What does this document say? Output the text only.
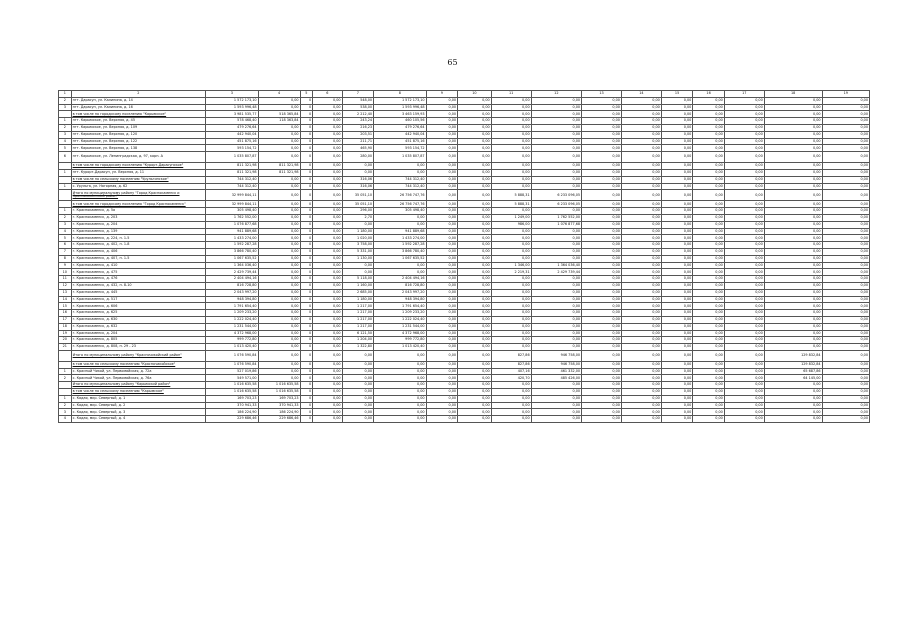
65
1	2	3	4	5	6	7	8	9	10	11	12	13	14	15	16	17	18	19
2	пгт. Дарасун, ул. Калинина, д. 14	1 572 173,10	0,00	0	0,00	548,00	1 572 173,10	0,00	0,00	0,00	0,00	0,00	0,00	0,00	0,00	0,00	0,00	0,00
3	пгт. Дарасун, ул. Калинина, д. 16	1 593 996,48	0,00	0	0,00	538,00	1 593 996,48	0,00	0,00	0,00	0,00	0,00	0,00	0,00	0,00	0,00	0,00	0,00
	в том числе по городскому поселению "Карымское"	3 981 535,77	518 365,84	0	0,00	2 212,40	3 463 159,93	0,00	0,00	0,00	0,00	0,00	0,00	0,00	0,00	0,00	0,00	0,00
1	пгт. Карымское, ул. Верхняя, д. 45	578 468,40	118 363,84	0	0,00	243,24	460 105,56	0,00	0,00	0,00	0,00	0,00	0,00	0,00	0,00	0,00	0,00	0,00
2	пгт. Карымское, ул. Верхняя, д. 109	479 276,64	0,00	0	0,00	216,23	479 276,64	0,00	0,00	0,00	0,00	0,00	0,00	0,00	0,00	0,00	0,00	0,00
3	пгт. Карымское, ул. Верхняя, д. 120	442 940,04	0,00	0	0,00	203,51	442 940,04	0,00	0,00	0,00	0,00	0,00	0,00	0,00	0,00	0,00	0,00	0,00
4	пгт. Карымское, ул. Верхняя, д. 122	451 875,16	0,00	0	0,00	211,71	451 875,16	0,00	0,00	0,00	0,00	0,00	0,00	0,00	0,00	0,00	0,00	0,00
5	пгт. Карымское, ул. Верхняя, д. 138	593 154,72	0,00	0	0,00	465,90	593 154,72	0,00	0,00	0,00	0,00	0,00	0,00	0,00	0,00	0,00	0,00	0,00
6	пгт. Карымское, ул. Ленинградская, д. 97, корп. А	1 035 807,87	0,00	0	0,00	280,00	1 035 807,87	0,00	0,00	0,00	0,00	0,00	0,00	0,00	0,00	0,00	0,00	0,00
	в том числе по городскому поселению "Курорт-Дарасунское"	811 321,98	811 321,98	0	0,00	0,00	0,00	0,00	0,00	0,00	0,00	0,00	0,00	0,00	0,00	0,00	0,00	0,00
1	пгт. Курорт-Дарасун, ул. Верхняя, д. 11	811 321,98	811 321,98	0	0,00	0,00	0,00	0,00	0,00	0,00	0,00	0,00	0,00	0,00	0,00	0,00	0,00	0,00
	в том числе по сельскому поселению "Урульгинское"	744 312,40	0,00	0	0,00	316,06	744 312,40	0,00	0,00	0,00	0,00	0,00	0,00	0,00	0,00	0,00	0,00	0,00
1	с. Урульга, ул. Нагорная, д. 62	744 312,40	0,00	0	0,00	316,06	744 312,40	0,00	0,00	0,00	0,00	0,00	0,00	0,00	0,00	0,00	0,00	0,00
	Итого по муниципальному району "Город Краснокаменск и Краснокаменский район"	32 999 844,11	0,00	0	0,00	35 051,10	26 756 747,76	0,00	0,00	5 888,31	6 233 096,05	0,00	0,00	0,00	0,00	0,00	0,00	0,00
	в том числе по городскому поселению "Город Краснокаменск"	32 999 844,11	0,00	0	0,00	35 051,10	26 756 747,76	0,00	0,00	5 888,31	6 233 096,05	0,00	0,00	0,00	0,00	0,00	0,00	0,00
1	г. Краснокаменск, д. 5а	305 498,40	0,00	0	0,00	296,00	305 498,40	0,00	0,00	0,00	0,00	0,00	0,00	0,00	0,00	0,00	0,00	0,00
2	г. Краснокаменск, д. 203	1 762 552,00	0,00	0	0,00	2,70	0,00	0,00	0,00	1 249,00	1 762 552,00	0,00	0,00	0,00	0,00	0,00	0,00	0,00
3	г. Краснокаменск, д. 204	1 076 877,68	0,00	0	0,00	0,00	0,00	0,00	0,00	986,00	1 076 877,68	0,00	0,00	0,00	0,00	0,00	0,00	0,00
4	г. Краснокаменск, д. 139	941 889,68	0,00	0	0,00	1 180,00	941 889,68	0,00	0,00	0,00	0,00	0,00	0,00	0,00	0,00	0,00	0,00	0,00
5	г. Краснокаменск, д. 224, п. 1-5	1 433 274,00	0,00	0	0,00	1 020,00	1 433 274,00	0,00	0,00	0,00	0,00	0,00	0,00	0,00	0,00	0,00	0,00	0,00
6	г. Краснокаменск, д. 402, п. 1-8	1 592 287,28	0,00	0	0,00	3 758,00	1 592 287,28	0,00	0,00	0,00	0,00	0,00	0,00	0,00	0,00	0,00	0,00	0,00
7	г. Краснокаменск, д. 406	3 866 780,40	0,00	0	0,00	5 331,00	3 866 780,40	0,00	0,00	0,00	0,00	0,00	0,00	0,00	0,00	0,00	0,00	0,00
8	г. Краснокаменск, д. 407, п. 1-5	1 067 635,52	0,00	0	0,00	1 130,00	1 067 635,52	0,00	0,00	0,00	0,00	0,00	0,00	0,00	0,00	0,00	0,00	0,00
9	г. Краснокаменск, д. 410	1 364 036,40	0,00	0	0,00	0,00	0,00	0,00	0,00	1 346,00	1 364 036,40	0,00	0,00	0,00	0,00	0,00	0,00	0,00
10	г. Краснокаменск, д. 475	2 429 739,44	0,00	0	0,00	0,00	0,00	0,00	0,00	2 219,31	2 429 739,44	0,00	0,00	0,00	0,00	0,00	0,00	0,00
11	г. Краснокаменск, д. 476	2 404 494,16	0,00	0	0,00	5 118,00	2 404 494,16	0,00	0,00	0,00	0,00	0,00	0,00	0,00	0,00	0,00	0,00	0,00
12	г. Краснокаменск, д. 432, п. 8-10	816 728,80	0,00	0	0,00	1 160,00	816 728,80	0,00	0,00	0,00	0,00	0,00	0,00	0,00	0,00	0,00	0,00	0,00
13	г. Краснокаменск, д. 445	2 043 997,20	0,00	0	0,00	2 685,00	2 043 997,20	0,00	0,00	0,00	0,00	0,00	0,00	0,00	0,00	0,00	0,00	0,00
14	г. Краснокаменск, д. 517	948 394,80	0,00	0	0,00	1 180,00	948 394,80	0,00	0,00	0,00	0,00	0,00	0,00	0,00	0,00	0,00	0,00	0,00
15	г. Краснокаменск, д. 606	1 791 654,40	0,00	0	0,00	1 217,00	1 791 654,40	0,00	0,00	0,00	0,00	0,00	0,00	0,00	0,00	0,00	0,00	0,00
16	г. Краснокаменск, д. 625	1 209 233,20	0,00	0	0,00	1 217,00	1 209 233,20	0,00	0,00	0,00	0,00	0,00	0,00	0,00	0,00	0,00	0,00	0,00
17	г. Краснокаменск, д. 630	1 222 024,40	0,00	0	0,00	1 217,00	1 222 024,40	0,00	0,00	0,00	0,00	0,00	0,00	0,00	0,00	0,00	0,00	0,00
18	г. Краснокаменск, д. 632	1 231 544,00	0,00	0	0,00	1 217,00	1 231 544,00	0,00	0,00	0,00	0,00	0,00	0,00	0,00	0,00	0,00	0,00	0,00
19	г. Краснокаменск, д. 204	4 372 968,00	0,00	0	0,00	6 121,50	4 372 968,00	0,00	0,00	0,00	0,00	0,00	0,00	0,00	0,00	0,00	0,00	0,00
20	г. Краснокаменск, д. 805	999 772,80	0,00	0	0,00	1 204,00	999 772,80	0,00	0,00	0,00	0,00	0,00	0,00	0,00	0,00	0,00	0,00	0,00
21	г. Краснокаменск, д. 808, п. 29 - 23	1 013 420,40	0,00	0	0,00	1 322,80	1 013 420,40	0,00	0,00	0,00	0,00	0,00	0,00	0,00	0,00	0,00	0,00	0,00
	Итого по муниципальному району "Красночикойский район"	1 076 590,84	0,00	0	0,00	0,00	0,00	0,00	0,00	827,86	946 758,00	0,00	0,00	0,00	0,00	0,00	129 832,84	0,00
	в том числе по сельскому поселению "Красночикойское"	1 076 590,84	0,00	0	0,00	0,00	0,00	0,00	0,00	827,86	946 758,00	0,00	0,00	0,00	0,00	0,00	129 832,84	0,00
1	с. Красный Чикой, ул. Первомайская, д. 72а	527 019,86	0,00	0	0,00	0,00	0,00	0,00	0,00	407,16	461 332,00	0,00	0,00	0,00	0,00	0,00	65 687,86	0,00
2	с. Красный Чикой, ул. Первомайская, д. 76а	549 571,00	0,00	0	0,00	0,00	0,00	0,00	0,00	420,70	485 426,00	0,00	0,00	0,00	0,00	0,00	64 145,00	0,00
	Итого по муниципальному району "Карымский район"	1 016 635,58	1 016 635,58	0	0,00	0,00	0,00	0,00	0,00	0,00	0,00	0,00	0,00	0,00	0,00	0,00	0,00	0,00
	в том числе по сельскому поселению "Карымское"	1 016 635,58	1 016 635,58	0	0,00	0,00	0,00	0,00	0,00	0,00	0,00	0,00	0,00	0,00	0,00	0,00	0,00	0,00
1	с. Кадая, мкр. Северный, д. 1	169 703,23	169 703,23	0	0,00	0,00	0,00	0,00	0,00	0,00	0,00	0,00	0,00	0,00	0,00	0,00	0,00	0,00
2	с. Кадая, мкр. Северный, д. 2	370 941,33	370 941,33	0	0,00	0,00	0,00	0,00	0,00	0,00	0,00	0,00	0,00	0,00	0,00	0,00	0,00	0,00
3	с. Кадая, мкр. Северный, д. 3	186 224,90	186 224,90	0	0,00	0,00	0,00	0,00	0,00	0,00	0,00	0,00	0,00	0,00	0,00	0,00	0,00	0,00
4	с. Кадая, мкр. Северный, д. 4	229 686,46	229 686,46	0	0,00	0,00	0,00	0,00	0,00	0,00	0,00	0,00	0,00	0,00	0,00	0,00	0,00	0,00
